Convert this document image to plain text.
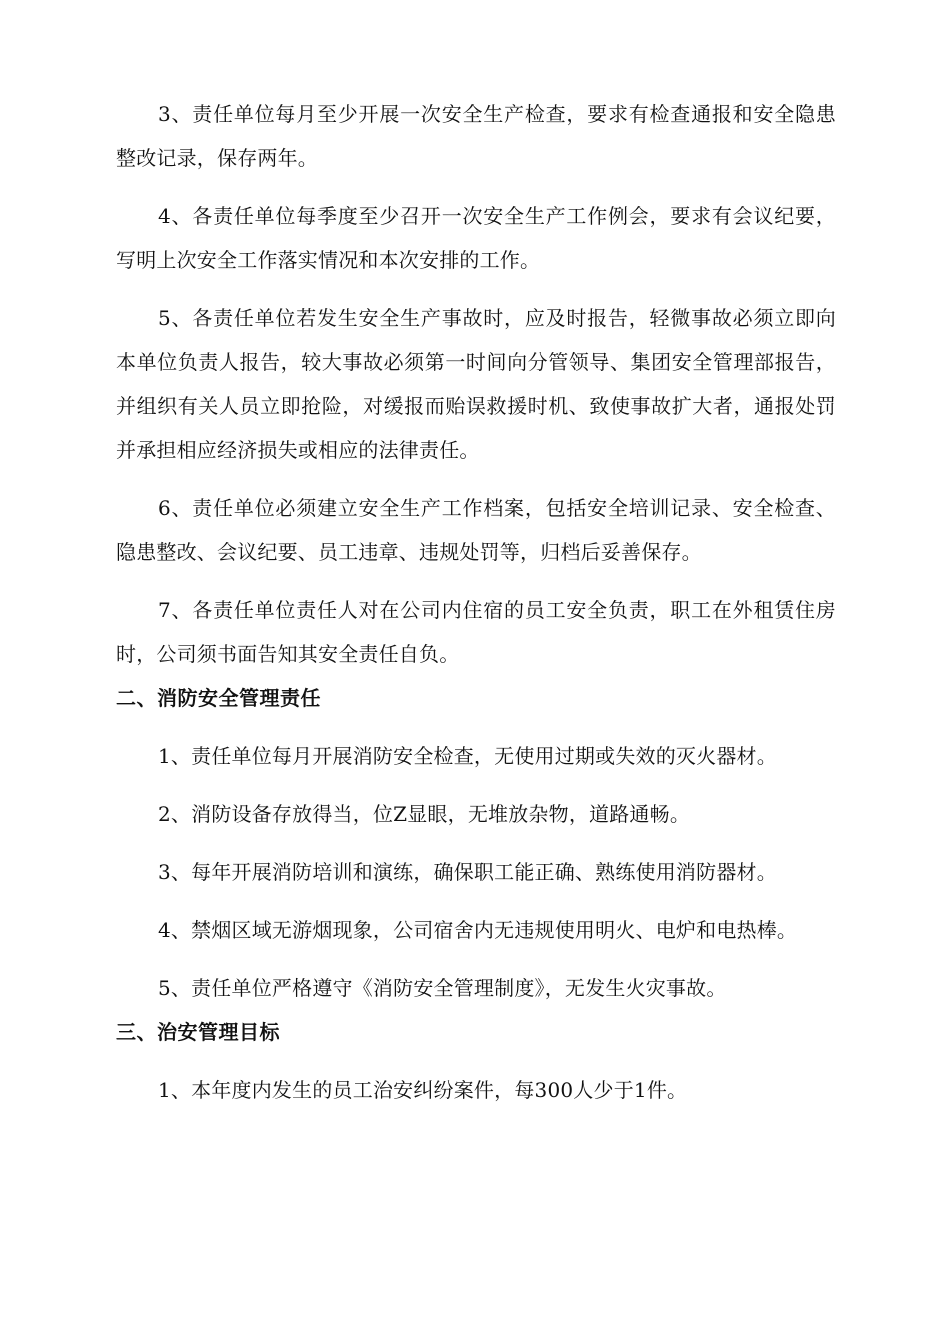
3、责任单位每月至少开展一次安全生产检查，要求有检查通报和安全隐患整改记录，保存两年。

4、各责任单位每季度至少召开一次安全生产工作例会，要求有会议纪要，写明上次安全工作落实情况和本次安排的工作。

5、各责任单位若发生安全生产事故时，应及时报告，轻微事故必须立即向本单位负责人报告，较大事故必须第一时间向分管领导、集团安全管理部报告，并组织有关人员立即抢险，对缓报而贻误救援时机、致使事故扩大者，通报处罚并承担相应经济损失或相应的法律责任。

6、责任单位必须建立安全生产工作档案，包括安全培训记录、安全检查、隐患整改、会议纪要、员工违章、违规处罚等，归档后妥善保存。

7、各责任单位责任人对在公司内住宿的员工安全负责，职工在外租赁住房时，公司须书面告知其安全责任自负。

二、消防安全管理责任

1、责任单位每月开展消防安全检查，无使用过期或失效的灭火器材。

2、消防设备存放得当，位Z显眼，无堆放杂物，道路通畅。

3、每年开展消防培训和演练，确保职工能正确、熟练使用消防器材。

4、禁烟区域无游烟现象，公司宿舍内无违规使用明火、电炉和电热棒。

5、责任单位严格遵守《消防安全管理制度》，无发生火灾事故。

三、治安管理目标

1、本年度内发生的员工治安纠纷案件，每300人少于1件。
